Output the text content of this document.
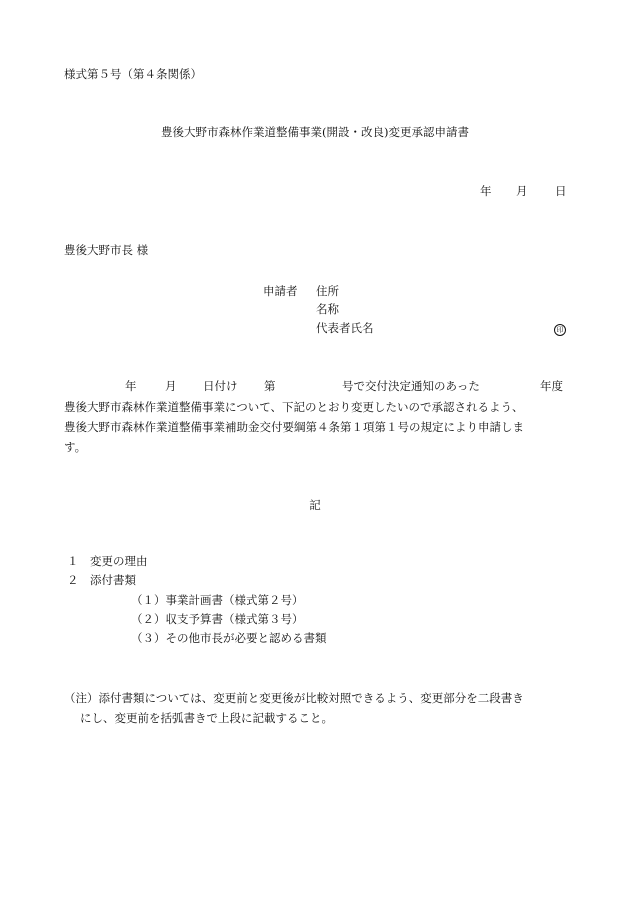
様式第５号（第４条関係）
豊後大野市森林作業道整備事業(開設・改良)変更承認申請書
年 月 日
豊後大野市長 様
申請者 住所
名称
代表者氏名	印
年 月 日付け 第	号で交付決定通知のあった	年度
豊後大野市森林作業道整備事業について、下記のとおり変更したいので承認されるよう、
豊後大野市森林作業道整備事業補助金交付要綱第４条第１項第１号の規定により申請しま
す。
記
１ 変更の理由
２ 添付書類
（１）事業計画書（様式第２号）
（２）収支予算書（様式第３号）
（３）その他市長が必要と認める書類
（注）添付書類については、変更前と変更後が比較対照できるよう、変更部分を二段書き
にし、変更前を括弧書きで上段に記載すること。
